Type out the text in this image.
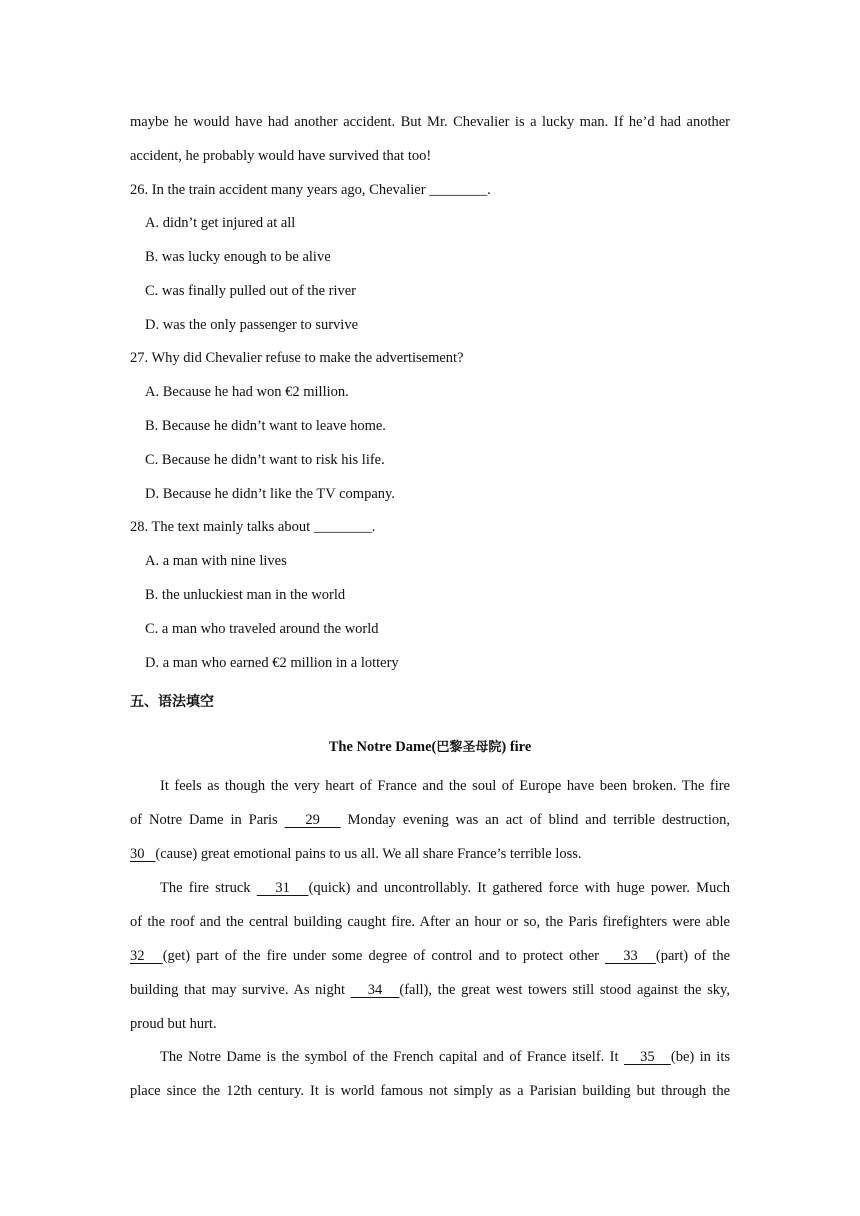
maybe he would have had another accident. But Mr. Chevalier is a lucky man. If he’d had another
accident, he probably would have survived that too!
26. In the train accident many years ago, Chevalier ________.
A. didn’t get injured at all
B. was lucky enough to be alive
C. was finally pulled out of the river
D. was the only passenger to survive
27. Why did Chevalier refuse to make the advertisement?
A. Because he had won €2 million.
B. Because he didn’t want to leave home.
C. Because he didn’t want to risk his life.
D. Because he didn’t like the TV company.
28. The text mainly talks about ________.
A. a man with nine lives
B. the unluckiest man in the world
C. a man who traveled around the world
D. a man who earned €2 million in a lottery
五、语法填空
The Notre Dame(巴黎圣母院) fire
It feels as though the very heart of France and the soul of Europe have been broken. The fire
of Notre Dame in Paris    29    Monday evening was an act of blind and terrible destruction,
30   (cause) great emotional pains to us all. We all share France’s terrible loss.
The fire struck    31   (quick) and uncontrollably. It gathered force with huge power. Much
of the roof and the central building caught fire. After an hour or so, the Paris firefighters were able
32   (get) part of the fire under some degree of control and to protect other    33   (part) of the
building that may survive. As night    34   (fall), the great west towers still stood against the sky,
proud but hurt.
The Notre Dame is the symbol of the French capital and of France itself. It    35   (be) in its
place since the 12th century. It is world famous not simply as a Parisian building but through the
